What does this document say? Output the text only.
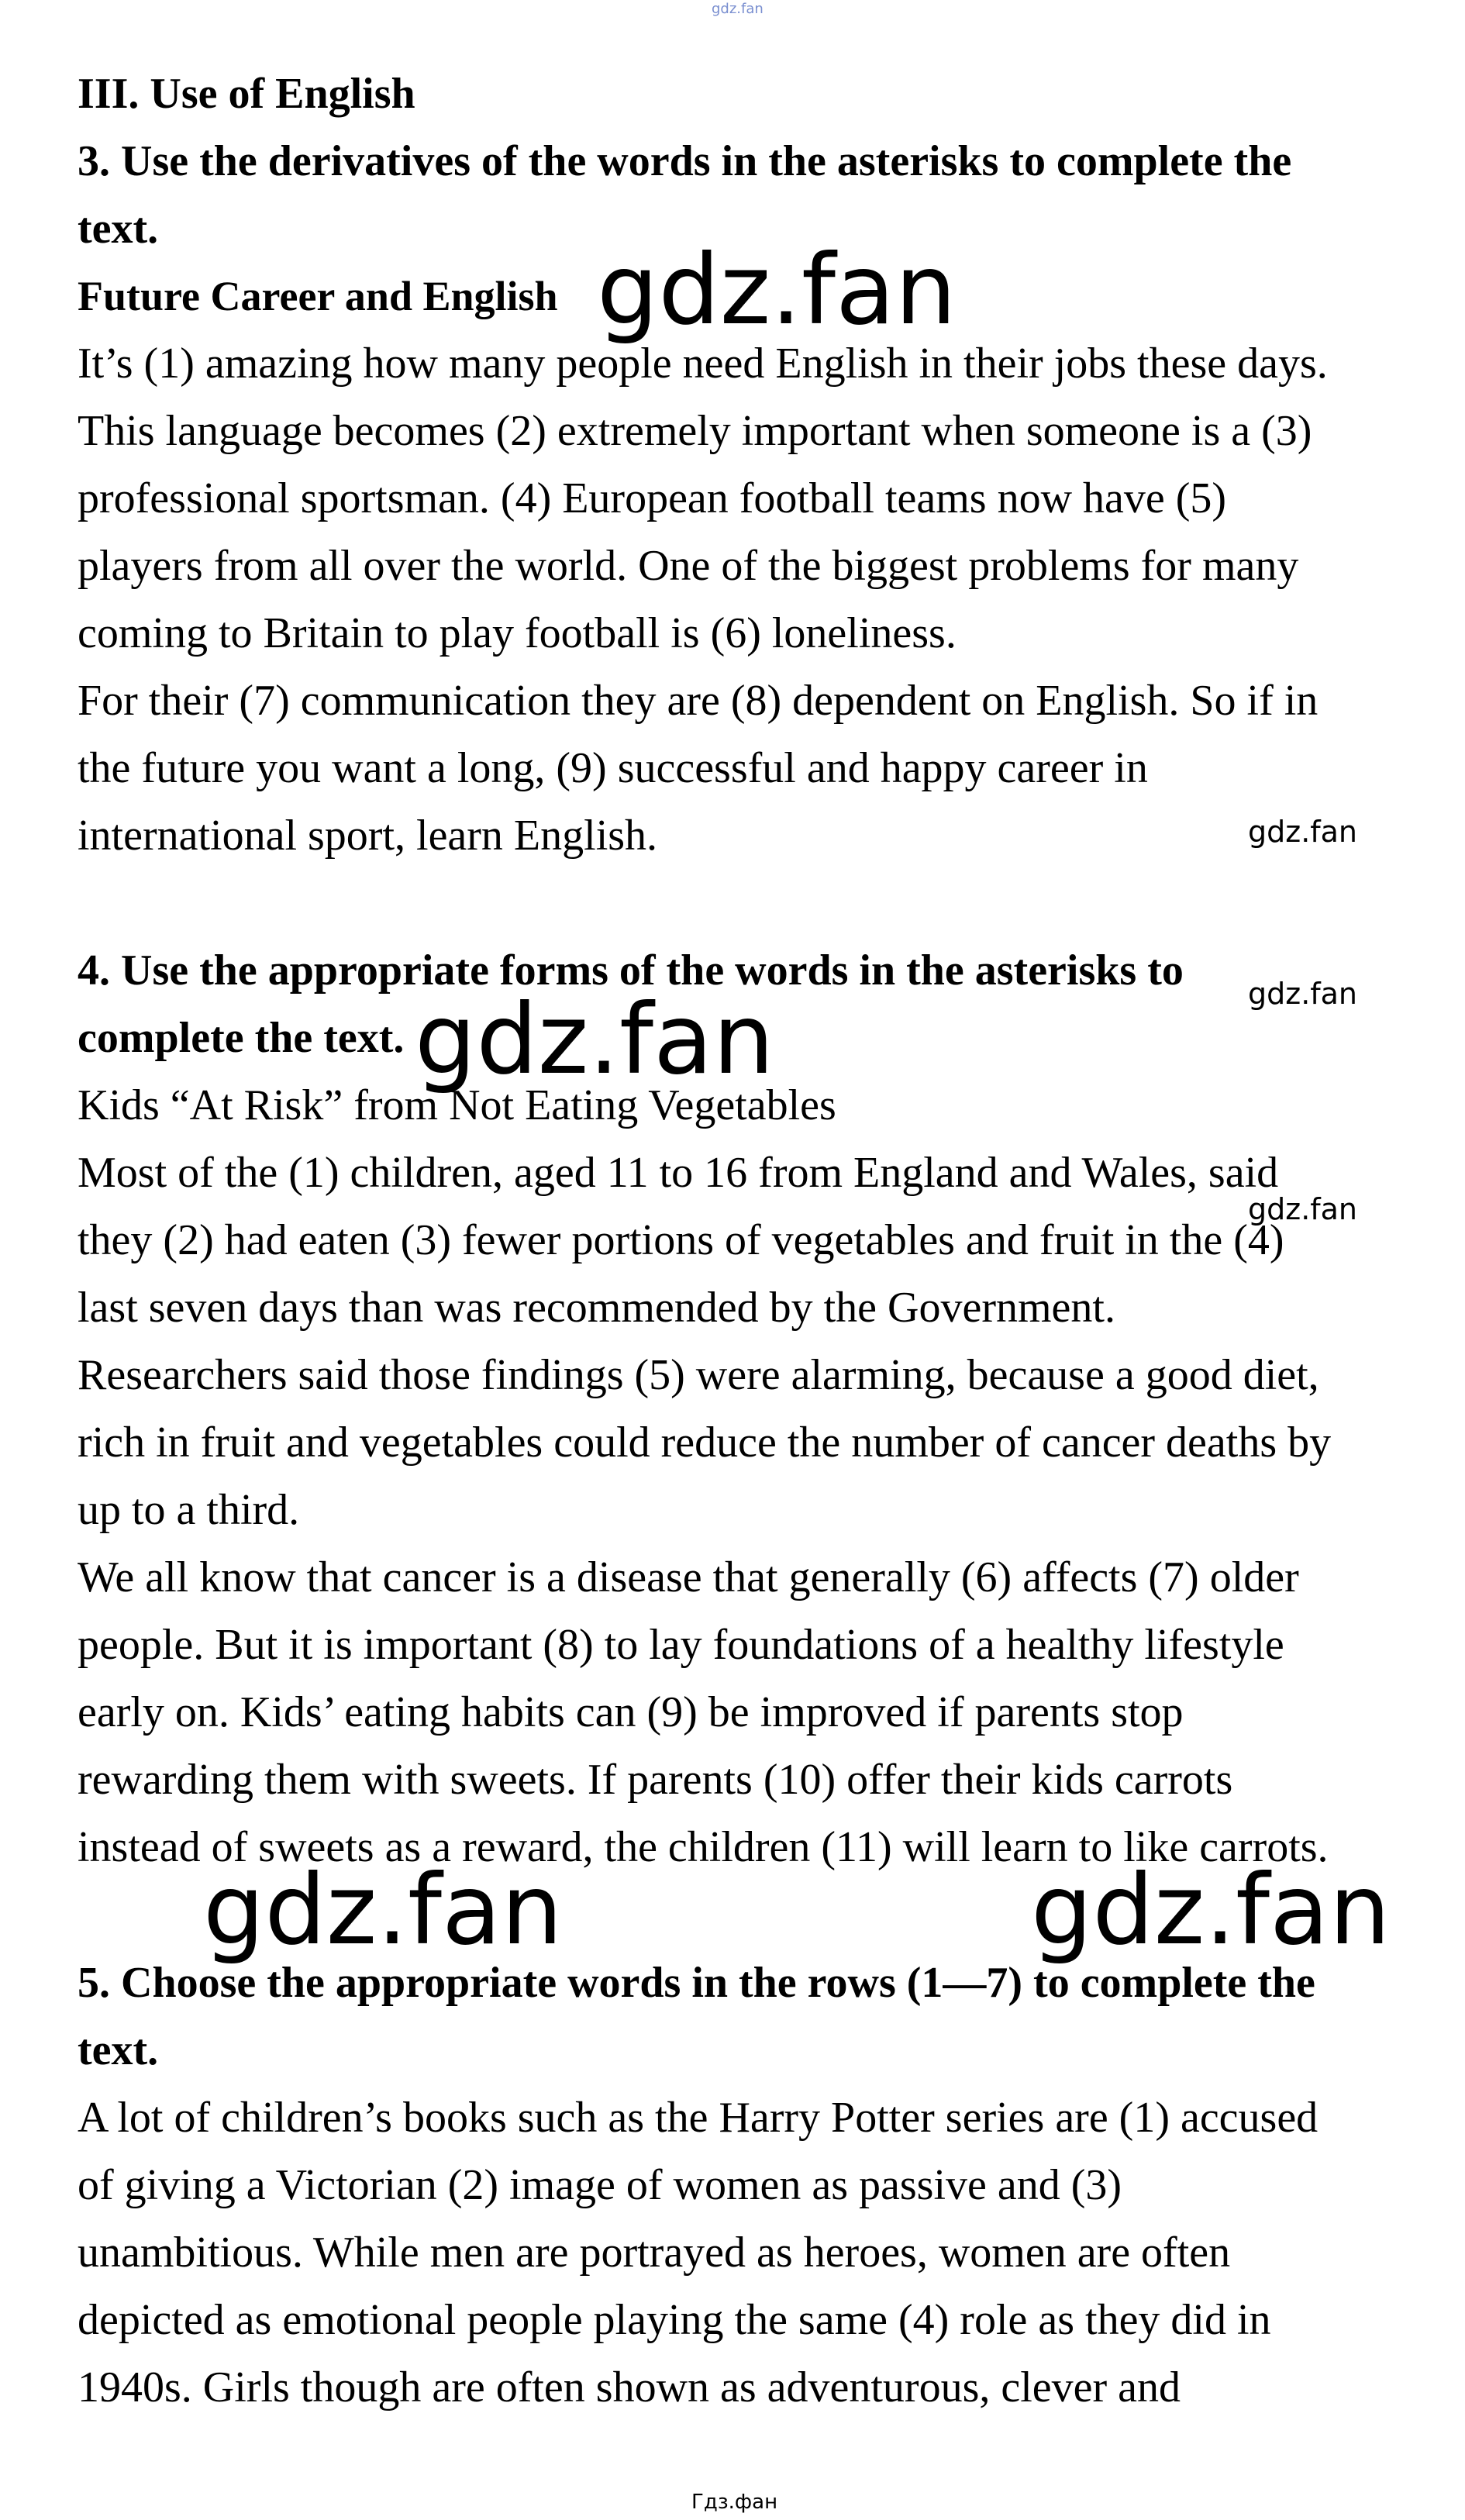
gdz.fan
III. Use of English
3. Use the derivatives of the words in the asterisks to complete the
text.
Future Career and English
It’s (1) amazing how many people need English in their jobs these days.
This language becomes (2) extremely important when someone is a (3)
professional sportsman. (4) European football teams now have (5)
players from all over the world. One of the biggest problems for many
coming to Britain to play football is (6) loneliness.
For their (7) communication they are (8) dependent on English. So if in
the future you want a long, (9) successful and happy career in
international sport, learn English.
4. Use the appropriate forms of the words in the asterisks to
complete the text.
Kids “At Risk” from Not Eating Vegetables
Most of the (1) children, aged 11 to 16 from England and Wales, said
they (2) had eaten (3) fewer portions of vegetables and fruit in the (4)
last seven days than was recommended by the Government.
Researchers said those findings (5) were alarming, because a good diet,
rich in fruit and vegetables could reduce the number of cancer deaths by
up to a third.
We all know that cancer is a disease that generally (6) affects (7) older
people. But it is important (8) to lay foundations of a healthy lifestyle
early on. Kids’ eating habits can (9) be improved if parents stop
rewarding them with sweets. If parents (10) offer their kids carrots
instead of sweets as a reward, the children (11) will learn to like carrots.
5. Choose the appropriate words in the rows (1—7) to complete the
text.
A lot of children’s books such as the Harry Potter series are (1) accused
of giving a Victorian (2) image of women as passive and (3)
unambitious. While men are portrayed as heroes, women are often
depicted as emotional people playing the same (4) role as they did in
1940s. Girls though are often shown as adventurous, clever and
gdz.fan
gdz.fan
gdz.fan
gdz.fan
gdz.fan
gdz.fan	gdz.fan
Гдз.фан
